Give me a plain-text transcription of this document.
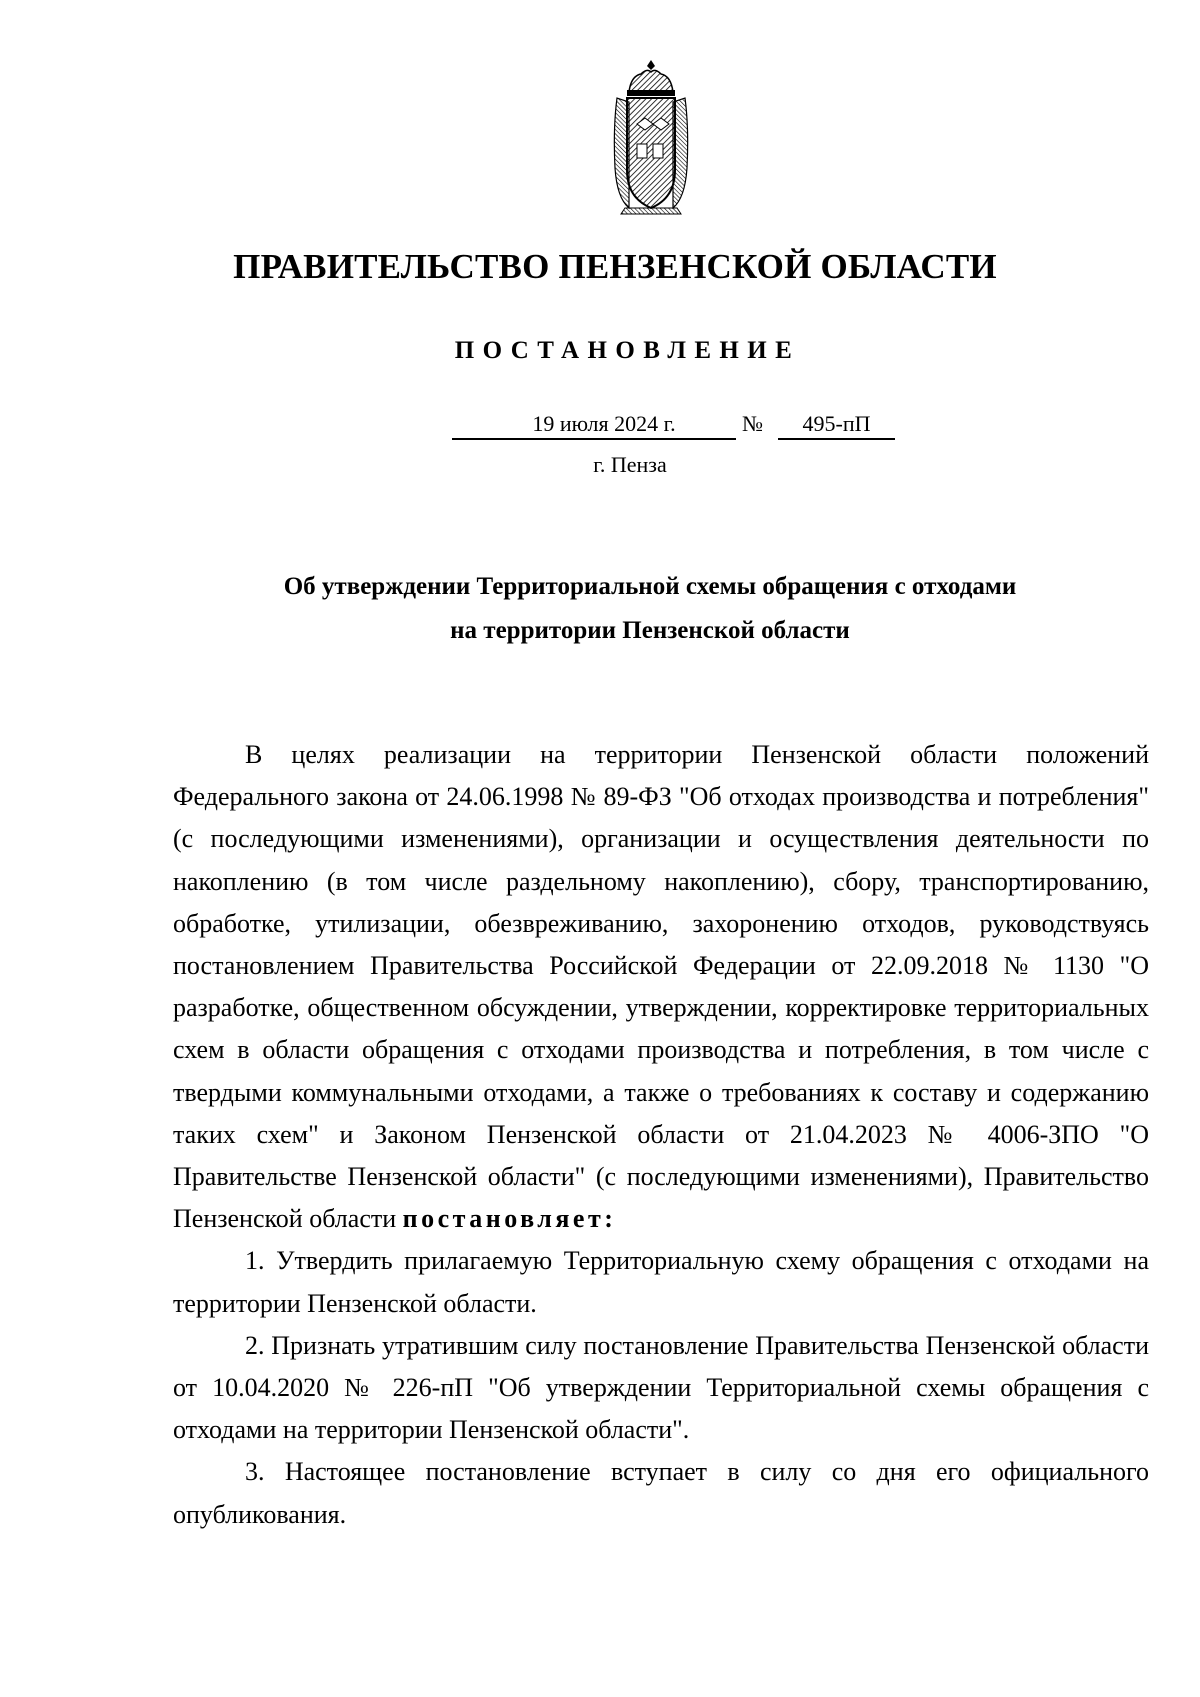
ПРАВИТЕЛЬСТВО ПЕНЗЕНСКОЙ ОБЛАСТИ
ПОСТАНОВЛЕНИЕ
19 июля 2024 г.	№	495-пП
г. Пенза
Об утверждении Территориальной схемы обращения с отходами
на территории Пензенской области

В целях реализации на территории Пензенской области положений Федерального закона от 24.06.1998 № 89-ФЗ "Об отходах производства и потребления" (с последующими изменениями), организации и осуществления деятельности по накоплению (в том числе раздельному накоплению), сбору, транспортированию, обработке, утилизации, обезвреживанию, захоронению отходов, руководствуясь постановлением Правительства Российской Федерации от 22.09.2018 № 1130 "О разработке, общественном обсуждении, утверждении, корректировке территориальных схем в области обращения с отходами производства и потребления, в том числе с твердыми коммунальными отходами, а также о требованиях к составу и содержанию таких схем" и Законом Пензенской области от 21.04.2023 № 4006-ЗПО "О Правительстве Пензенской области" (с последующими изменениями), Правительство Пензенской области постановляет:

1. Утвердить прилагаемую Территориальную схему обращения с отходами на территории Пензенской области.

2. Признать утратившим силу постановление Правительства Пензенской области от 10.04.2020 № 226-пП "Об утверждении Территориальной схемы обращения с отходами на территории Пензенской области".

3. Настоящее постановление вступает в силу со дня его официального опубликования.
